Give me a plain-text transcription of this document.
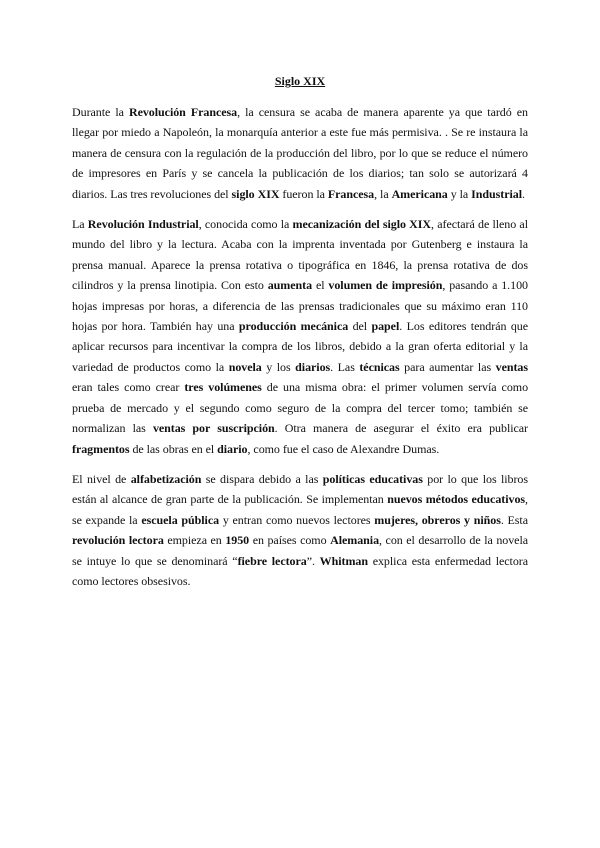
Siglo XIX

Durante la Revolución Francesa, la censura se acaba de manera aparente ya que tardó en llegar por miedo a Napoleón, la monarquía anterior a este fue más permisiva. . Se re instaura la manera de censura con la regulación de la producción del libro, por lo que se reduce el número de impresores en París y se cancela la publicación de los diarios; tan solo se autorizará 4 diarios. Las tres revoluciones del siglo XIX fueron la Francesa, la Americana y la Industrial.

La Revolución Industrial, conocida como la mecanización del siglo XIX, afectará de lleno al mundo del libro y la lectura. Acaba con la imprenta inventada por Gutenberg e instaura la prensa manual. Aparece la prensa rotativa o tipográfica en 1846, la prensa rotativa de dos cilindros y la prensa linotipia. Con esto aumenta el volumen de impresión, pasando a 1.100 hojas impresas por horas, a diferencia de las prensas tradicionales que su máximo eran 110 hojas por hora. También hay una producción mecánica del papel. Los editores tendrán que aplicar recursos para incentivar la compra de los libros, debido a la gran oferta editorial y la variedad de productos como la novela y los diarios. Las técnicas para aumentar las ventas eran tales como crear tres volúmenes de una misma obra: el primer volumen servía como prueba de mercado y el segundo como seguro de la compra del tercer tomo; también se normalizan las ventas por suscripción. Otra manera de asegurar el éxito era publicar fragmentos de las obras en el diario, como fue el caso de Alexandre Dumas.

El nivel de alfabetización se dispara debido a las políticas educativas por lo que los libros están al alcance de gran parte de la publicación. Se implementan nuevos métodos educativos, se expande la escuela pública y entran como nuevos lectores mujeres, obreros y niños. Esta revolución lectora empieza en 1950 en países como Alemania, con el desarrollo de la novela se intuye lo que se denominará “fiebre lectora”. Whitman explica esta enfermedad lectora como lectores obsesivos.
